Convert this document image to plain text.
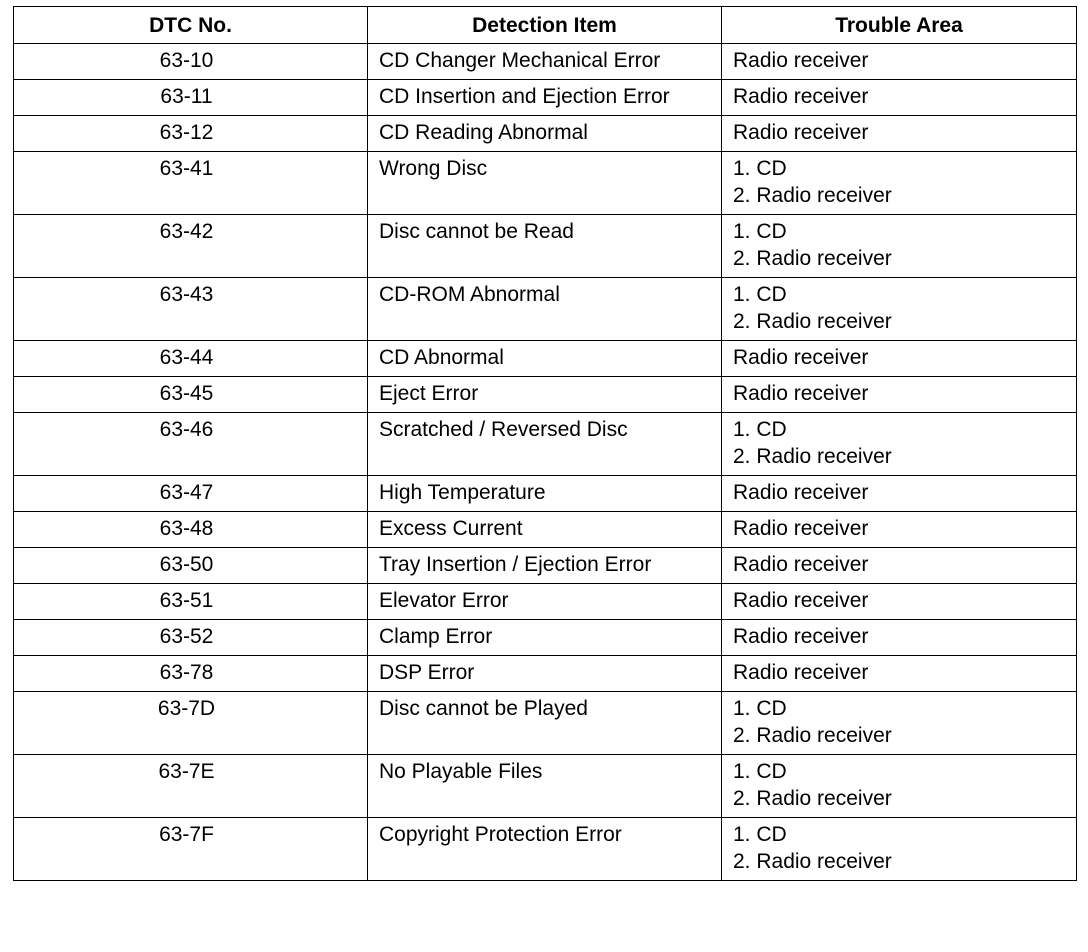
DTC No.	Detection Item	Trouble Area
63-10	CD Changer Mechanical Error	Radio receiver

63-11	CD Insertion and Ejection Error	Radio receiver

63-12	CD Reading Abnormal	Radio receiver

63-41	Wrong Disc	1. CD
2. Radio receiver

63-42	Disc cannot be Read	1. CD
2. Radio receiver

63-43	CD-ROM Abnormal	1. CD
2. Radio receiver

63-44	CD Abnormal	Radio receiver

63-45	Eject Error	Radio receiver

63-46	Scratched / Reversed Disc	1. CD
2. Radio receiver

63-47	High Temperature	Radio receiver

63-48	Excess Current	Radio receiver

63-50	Tray Insertion / Ejection Error	Radio receiver

63-51	Elevator Error	Radio receiver

63-52	Clamp Error	Radio receiver

63-78	DSP Error	Radio receiver

63-7D	Disc cannot be Played	1. CD
2. Radio receiver

63-7E	No Playable Files	1. CD
2. Radio receiver

63-7F	Copyright Protection Error	1. CD
2. Radio receiver
